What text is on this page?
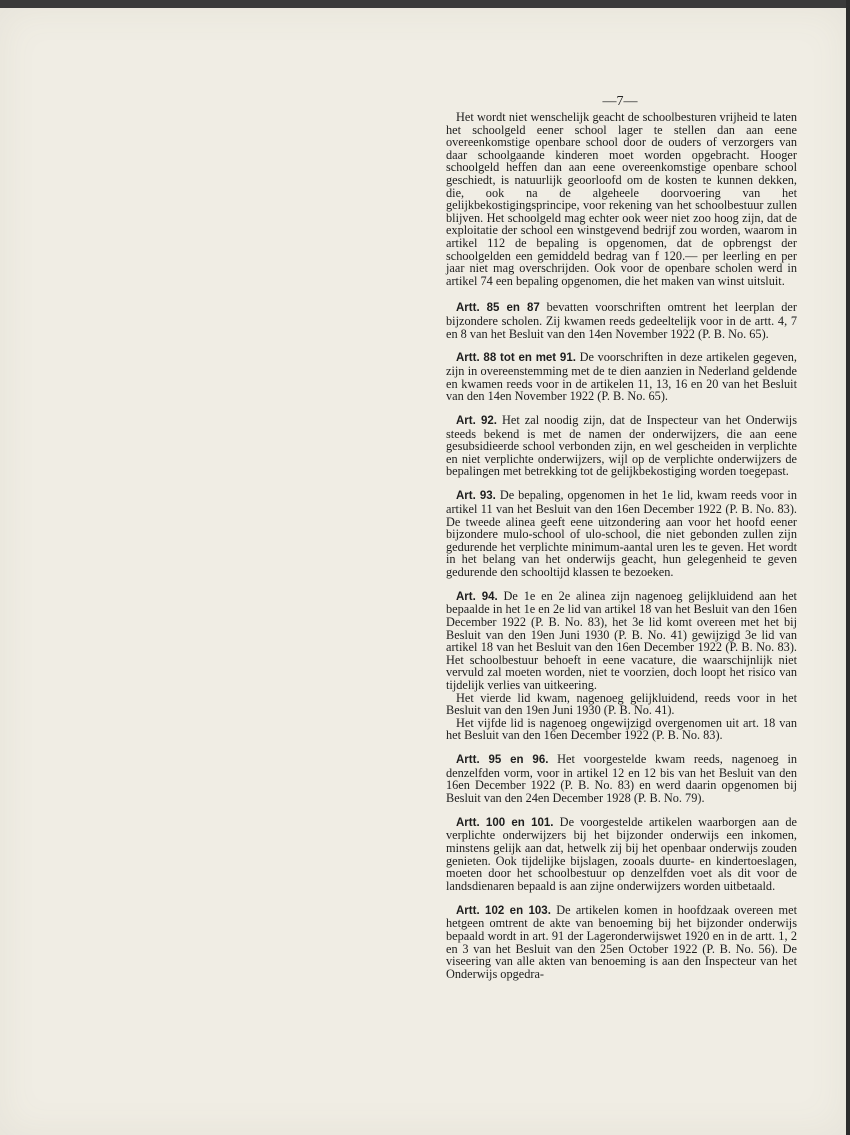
—7—

Het wordt niet wenschelijk geacht de schoolbesturen vrijheid te laten het schoolgeld eener school lager te stellen dan aan eene overeenkomstige openbare school door de ouders of verzorgers van daar schoolgaande kinderen moet worden opgebracht. Hooger schoolgeld heffen dan aan eene overeenkomstige openbare school geschiedt, is natuurlijk geoorloofd om de kosten te kunnen dekken, die, ook na de algeheele doorvoering van het gelijkbekostigingsprincipe, voor rekening van het schoolbestuur zullen blijven. Het schoolgeld mag echter ook weer niet zoo hoog zijn, dat de exploitatie der school een winstgevend bedrijf zou worden, waarom in artikel 112 de bepaling is opgenomen, dat de opbrengst der schoolgelden een gemiddeld bedrag van f 120.— per leerling en per jaar niet mag overschrijden. Ook voor de openbare scholen werd in artikel 74 een bepaling opgenomen, die het maken van winst uitsluit.

Artt. 85 en 87 bevatten voorschriften omtrent het leerplan der bijzondere scholen. Zij kwamen reeds gedeeltelijk voor in de artt. 4, 7 en 8 van het Besluit van den 14en November 1922 (P. B. No. 65).

Artt. 88 tot en met 91. De voorschriften in deze artikelen gegeven, zijn in overeenstemming met de te dien aanzien in Nederland geldende en kwamen reeds voor in de artikelen 11, 13, 16 en 20 van het Besluit van den 14en November 1922 (P. B. No. 65).

Art. 92. Het zal noodig zijn, dat de Inspecteur van het Onderwijs steeds bekend is met de namen der onderwijzers, die aan eene gesubsidieerde school verbonden zijn, en wel gescheiden in verplichte en niet verplichte onderwijzers, wijl op de verplichte onderwijzers de bepalingen met betrekking tot de gelijkbekostiging worden toegepast.

Art. 93. De bepaling, opgenomen in het 1e lid, kwam reeds voor in artikel 11 van het Besluit van den 16en December 1922 (P. B. No. 83). De tweede alinea geeft eene uitzondering aan voor het hoofd eener bijzondere mulo-school of ulo-school, die niet gebonden zullen zijn gedurende het verplichte minimum-aantal uren les te geven. Het wordt in het belang van het onderwijs geacht, hun gelegenheid te geven gedurende den schooltijd klassen te bezoeken.

Art. 94. De 1e en 2e alinea zijn nagenoeg gelijkluidend aan het bepaalde in het 1e en 2e lid van artikel 18 van het Besluit van den 16en December 1922 (P. B. No. 83), het 3e lid komt overeen met het bij Besluit van den 19en Juni 1930 (P. B. No. 41) gewijzigd 3e lid van artikel 18 van het Besluit van den 16en December 1922 (P. B. No. 83). Het schoolbestuur behoeft in eene vacature, die waarschijnlijk niet vervuld zal moeten worden, niet te voorzien, doch loopt het risico van tijdelijk verlies van uitkeering.

Het vierde lid kwam, nagenoeg gelijkluidend, reeds voor in het Besluit van den 19en Juni 1930 (P. B. No. 41).

Het vijfde lid is nagenoeg ongewijzigd overgenomen uit art. 18 van het Besluit van den 16en December 1922 (P. B. No. 83).

Artt. 95 en 96. Het voorgestelde kwam reeds, nagenoeg in denzelfden vorm, voor in artikel 12 en 12 bis van het Besluit van den 16en December 1922 (P. B. No. 83) en werd daarin opgenomen bij Besluit van den 24en December 1928 (P. B. No. 79).

Artt. 100 en 101. De voorgestelde artikelen waarborgen aan de verplichte onderwijzers bij het bijzonder onderwijs een inkomen, minstens gelijk aan dat, hetwelk zij bij het openbaar onderwijs zouden genieten. Ook tijdelijke bijslagen, zooals duurte- en kindertoeslagen, moeten door het schoolbestuur op denzelfden voet als dit voor de landsdienaren bepaald is aan zijne onderwijzers worden uitbetaald.

Artt. 102 en 103. De artikelen komen in hoofdzaak overeen met hetgeen omtrent de akte van benoeming bij het bijzonder onderwijs bepaald wordt in art. 91 der Lageronderwijswet 1920 en in de artt. 1, 2 en 3 van het Besluit van den 25en October 1922 (P. B. No. 56). De viseering van alle akten van benoeming is aan den Inspecteur van het Onderwijs opgedra-
